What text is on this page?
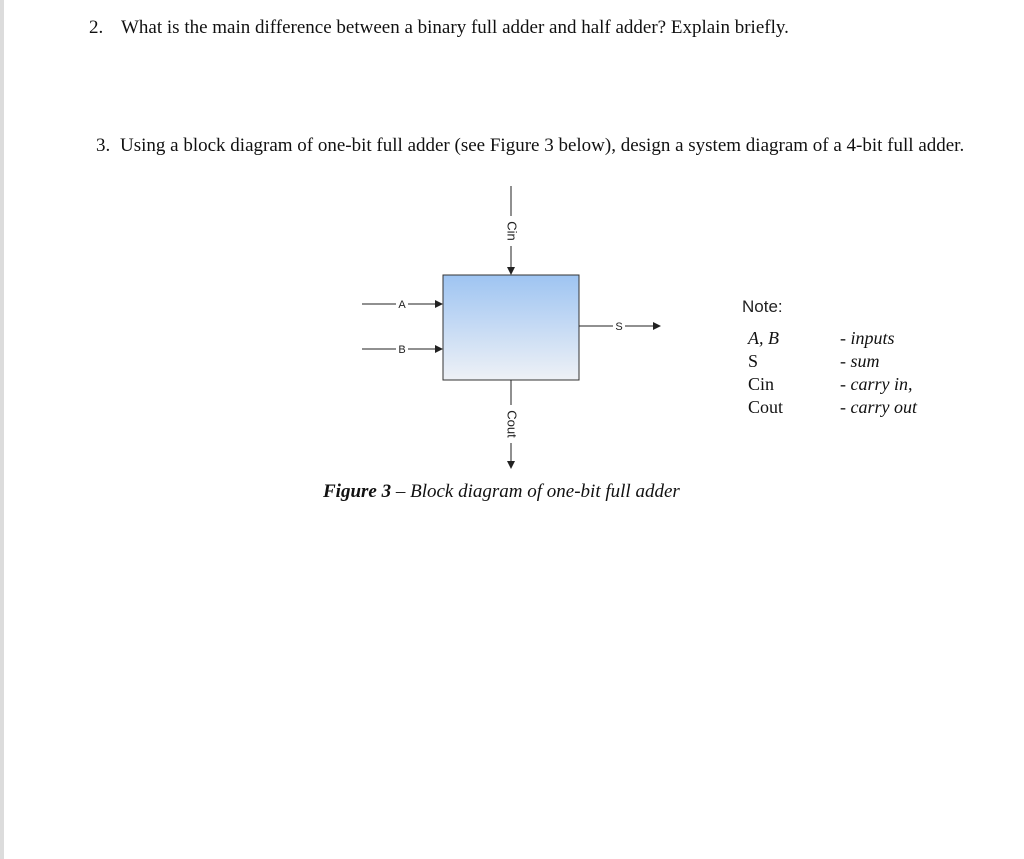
2. What is the main difference between a binary full adder and half adder? Explain briefly.
3. Using a block diagram of one-bit full adder (see Figure 3 below), design a system diagram of a 4-bit full adder.
Cin
A
B
S
Cout
Note:
A, B	- inputs
S	- sum
Cin	- carry in,
Cout	- carry out
Figure 3 – Block diagram of one-bit full adder
